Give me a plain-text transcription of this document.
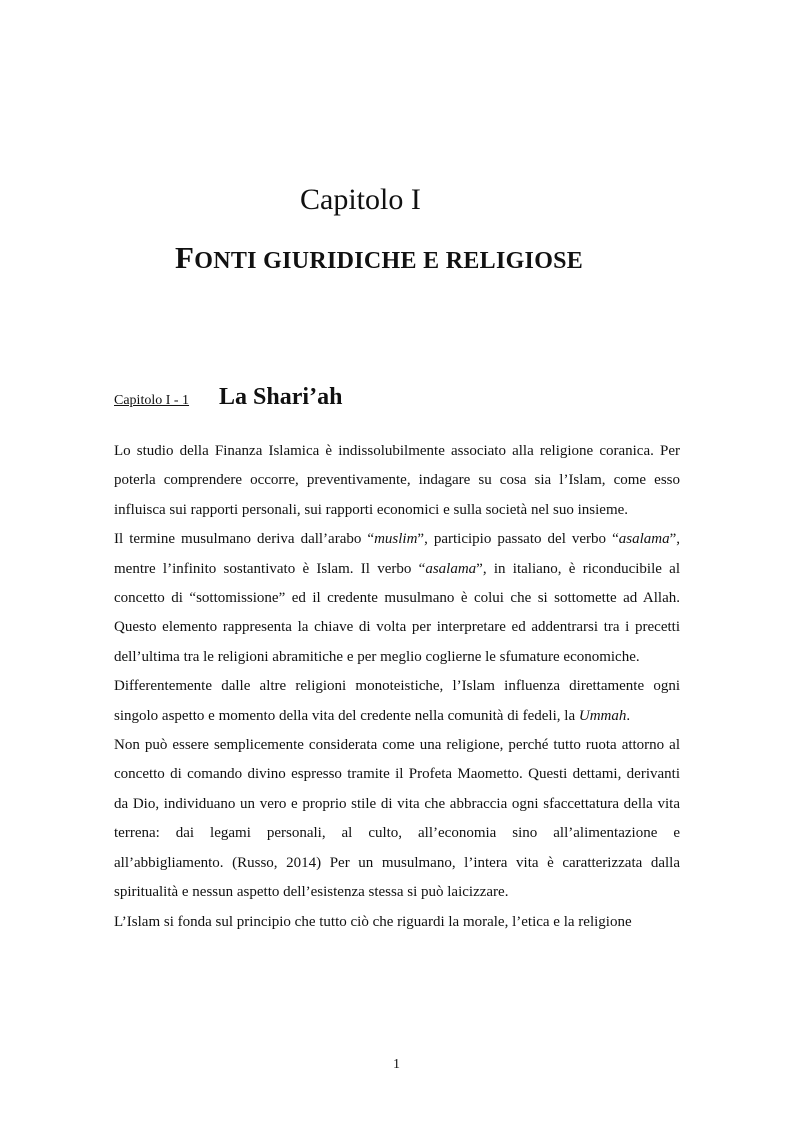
Capitolo I
FONTI GIURIDICHE E RELIGIOSE
Capitolo I - 1 La Shari’ah

Lo studio della Finanza Islamica è indissolubilmente associato alla religione coranica. Per poterla comprendere occorre, preventivamente, indagare su cosa sia l’Islam, come esso influisca sui rapporti personali, sui rapporti economici e sulla società nel suo insieme.

Il termine musulmano deriva dall’arabo “muslim”, participio passato del verbo “asalama”, mentre l’infinito sostantivato è Islam. Il verbo “asalama”, in italiano, è riconducibile al concetto di “sottomissione” ed il credente musulmano è colui che si sottomette ad Allah. Questo elemento rappresenta la chiave di volta per interpretare ed addentrarsi tra i precetti dell’ultima tra le religioni abramitiche e per meglio coglierne le sfumature economiche.

Differentemente dalle altre religioni monoteistiche, l’Islam influenza direttamente ogni singolo aspetto e momento della vita del credente nella comunità di fedeli, la Ummah.

Non può essere semplicemente considerata come una religione, perché tutto ruota attorno al concetto di comando divino espresso tramite il Profeta Maometto. Questi dettami, derivanti da Dio, individuano un vero e proprio stile di vita che abbraccia ogni sfaccettatura della vita terrena: dai legami personali, al culto, all’economia sino all’alimentazione e all’abbigliamento. (Russo, 2014) Per un musulmano, l’intera vita è caratterizzata dalla spiritualità e nessun aspetto dell’esistenza stessa si può laicizzare.

L’Islam si fonda sul principio che tutto ciò che riguardi la morale, l’etica e la religione

1
